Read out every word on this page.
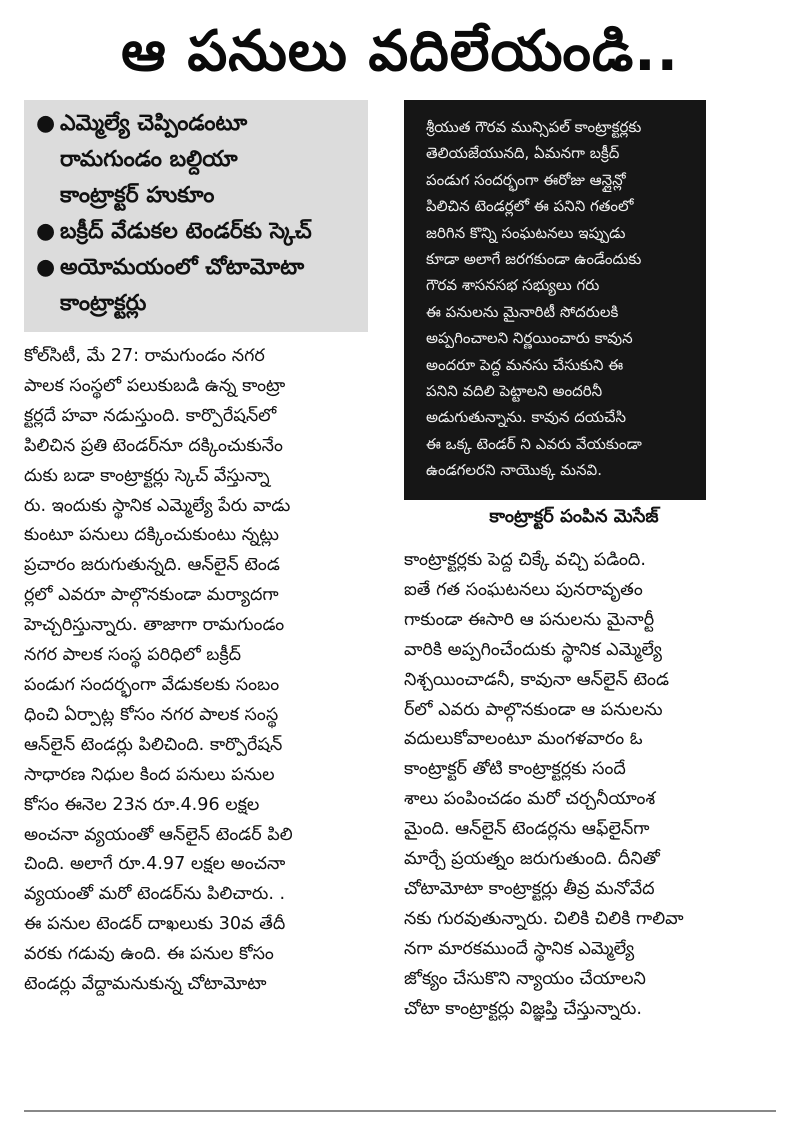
ఆ పనులు వదిలేయండి..
● ఎమ్మెల్యే చెప్పిండంటూ
రామగుండం బల్దియా
కాంట్రాక్టర్ హుకూం
● బక్రీద్ వేడుకల టెండర్‌కు స్కెచ్
● అయోమయంలో చోటామోటా
కాంట్రాక్టర్లు
కోల్‌సిటీ, మే 27: రామగుండం నగర
పాలక సంస్థలో పలుకుబడి ఉన్న కాంట్రా
క్టర్లదే హవా నడుస్తుంది. కార్పొరేషన్‌లో
పిలిచిన ప్రతి టెండర్‌నూ దక్కించుకునేం
దుకు బడా కాంట్రాక్టర్లు స్కెచ్ వేస్తున్నా
రు. ఇందుకు స్థానిక ఎమ్మెల్యే పేరు వాడు
కుంటూ పనులు దక్కించుకుంటు న్నట్లు
ప్రచారం జరుగుతున్నది. ఆన్‌లైన్ టెండ
ర్లలో ఎవరూ పాల్గొనకుండా మర్యాదగా
హెచ్చరిస్తున్నారు. తాజాగా రామగుండం
నగర పాలక సంస్థ పరిధిలో బక్రీద్
పండుగ సందర్భంగా వేడుకలకు సంబం
ధించి ఏర్పాట్ల కోసం నగర పాలక సంస్థ
ఆన్‌లైన్ టెండర్లు పిలిచింది. కార్పొరేషన్
సాధారణ నిధుల కింద పనులు పనుల
కోసం ఈనెల 23న రూ.4.96 లక్షల
అంచనా వ్యయంతో ఆన్‌లైన్ టెండర్ పిలి
చింది. అలాగే రూ.4.97 లక్షల అంచనా
వ్యయంతో మరో టెండర్‌ను పిలిచారు. .
ఈ పనుల టెండర్ దాఖలుకు 30వ తేదీ
వరకు గడువు ఉంది. ఈ పనుల కోసం
టెండర్లు వేద్దామనుకున్న చోటామోటా
శ్రీయుత గౌరవ మున్సిపల్ కాంట్రాక్టర్లకు
తెలియజేయునది, ఏమనగా బక్రీద్
పండుగ సందర్భంగా ఈరోజు ఆన్లైన్లో
పిలిచిన టెండర్లలో ఈ పనిని గతంలో
జరిగిన కొన్ని సంఘటనలు ఇప్పుడు
కూడా అలాగే జరగకుండా ఉండేందుకు
గౌరవ శాసనసభ సభ్యులు గరు
ఈ పనులను మైనారిటీ సోదరులకి
అప్పగించాలని నిర్ణయించారు కావున
అందరూ పెద్ద మనసు చేసుకుని ఈ
పనిని వదిలి పెట్టాలని అందరినీ
అడుగుతున్నాను. కావున దయచేసి
ఈ ఒక్క టెండర్ ని ఎవరు వేయకుండా
ఉండగలరని నాయొక్క మనవి.
కాంట్రాక్టర్ పంపిన మెసేజ్
కాంట్రాక్టర్లకు పెద్ద చిక్కే వచ్చి పడింది.
ఐతే గత సంఘటనలు పునరావృతం
గాకుండా ఈసారి ఆ పనులను మైనార్టీ
వారికి అప్పగించేందుకు స్థానిక ఎమ్మెల్యే
నిశ్చయించాడనీ, కావునా ఆన్‌లైన్ టెండ
ర్‌లో ఎవరు పాల్గొనకుండా ఆ పనులను
వదులుకోవాలంటూ మంగళవారం ఓ
కాంట్రాక్టర్ తోటి కాంట్రాక్టర్లకు సందే
శాలు పంపించడం మరో చర్చనీయాంశ
మైంది. ఆన్‌లైన్ టెండర్లను ఆఫ్‌లైన్‌గా
మార్చే ప్రయత్నం జరుగుతుంది. దీనితో
చోటామోటా కాంట్రాక్టర్లు తీవ్ర మనోవేద
నకు గురవుతున్నారు. చిలికి చిలికి గాలివా
నగా మారకముందే స్థానిక ఎమ్మెల్యే
జోక్యం చేసుకొని న్యాయం చేయాలని
చోటా కాంట్రాక్టర్లు విజ్ఞప్తి చేస్తున్నారు.
